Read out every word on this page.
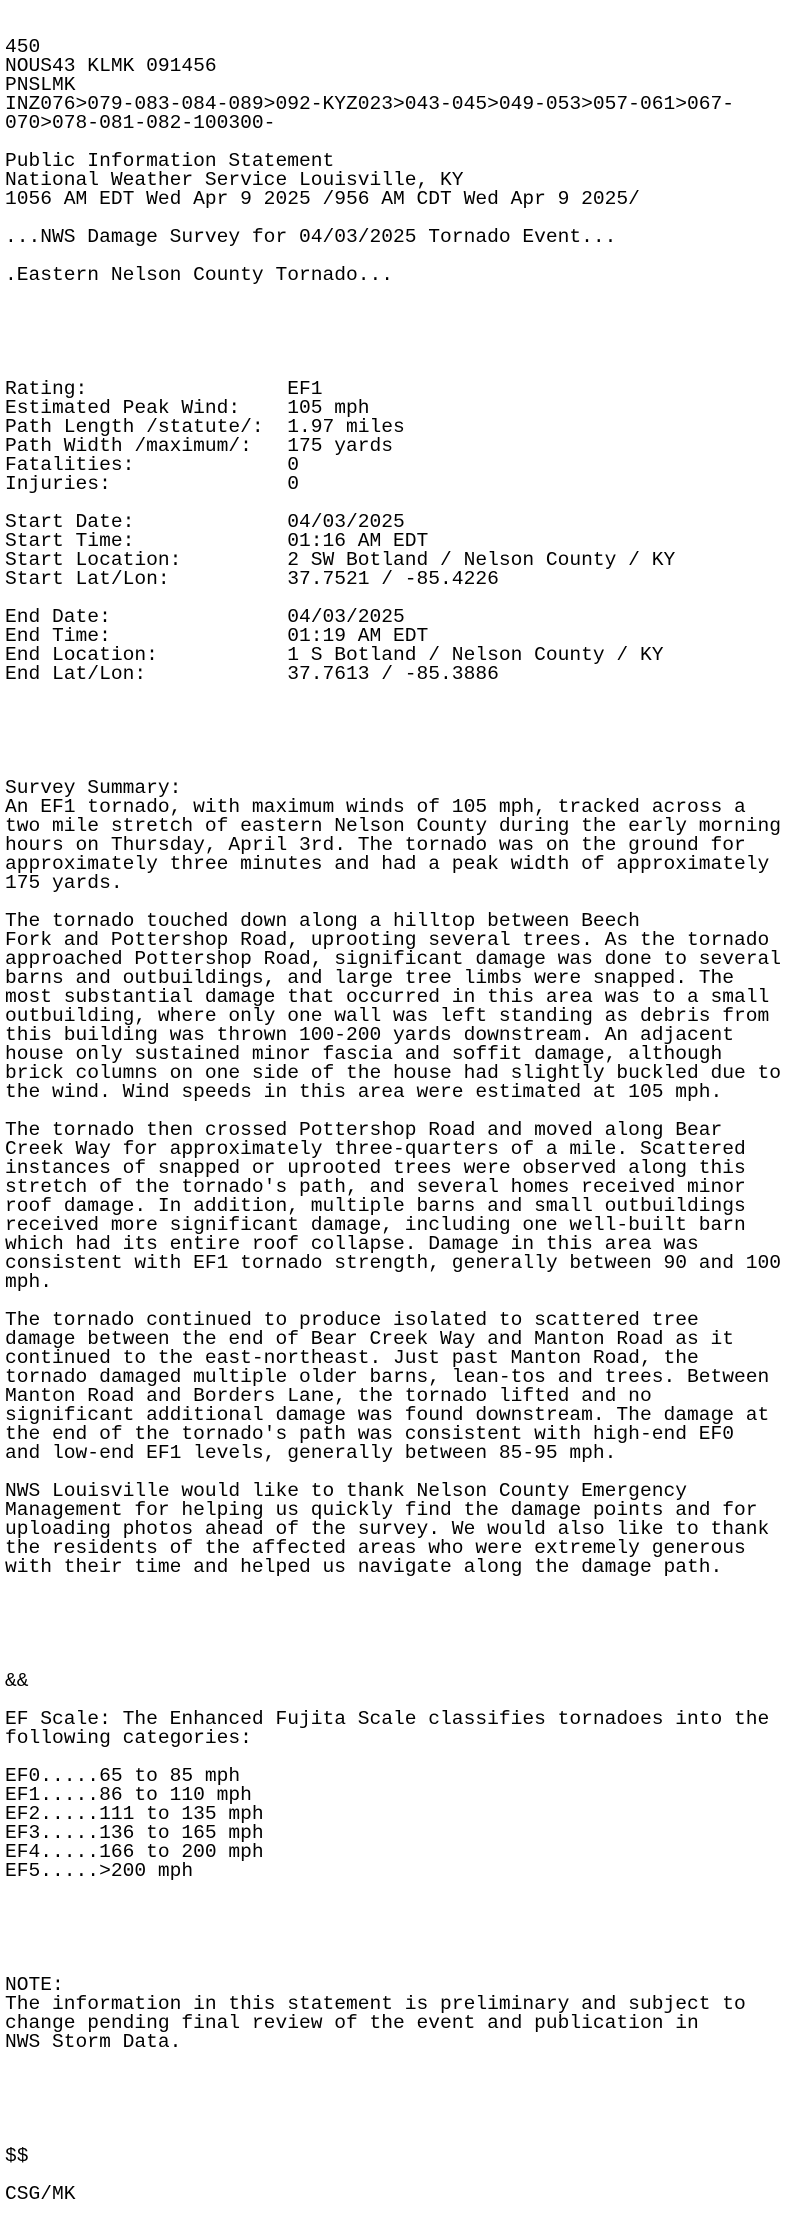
450
NOUS43 KLMK 091456
PNSLMK
INZ076>079-083-084-089>092-KYZ023>043-045>049-053>057-061>067-
070>078-081-082-100300-
Public Information Statement
National Weather Service Louisville, KY
1056 AM EDT Wed Apr 9 2025 /956 AM CDT Wed Apr 9 2025/
...NWS Damage Survey for 04/03/2025 Tornado Event...
.Eastern Nelson County Tornado...

Rating:                 EF1
Estimated Peak Wind:    105 mph
Path Length /statute/:  1.97 miles
Path Width /maximum/:   175 yards
Fatalities:             0
Injuries:               0
Start Date:             04/03/2025
Start Time:             01:16 AM EDT
Start Location:         2 SW Botland / Nelson County / KY
Start Lat/Lon:          37.7521 / -85.4226
End Date:               04/03/2025
End Time:               01:19 AM EDT
End Location:           1 S Botland / Nelson County / KY
End Lat/Lon:            37.7613 / -85.3886

Survey Summary:
An EF1 tornado, with maximum winds of 105 mph, tracked across a
two mile stretch of eastern Nelson County during the early morning
hours on Thursday, April 3rd. The tornado was on the ground for
approximately three minutes and had a peak width of approximately
175 yards.
The tornado touched down along a hilltop between Beech
Fork and Pottershop Road, uprooting several trees. As the tornado
approached Pottershop Road, significant damage was done to several
barns and outbuildings, and large tree limbs were snapped. The
most substantial damage that occurred in this area was to a small
outbuilding, where only one wall was left standing as debris from
this building was thrown 100-200 yards downstream. An adjacent
house only sustained minor fascia and soffit damage, although
brick columns on one side of the house had slightly buckled due to
the wind. Wind speeds in this area were estimated at 105 mph.
The tornado then crossed Pottershop Road and moved along Bear
Creek Way for approximately three-quarters of a mile. Scattered
instances of snapped or uprooted trees were observed along this
stretch of the tornado's path, and several homes received minor
roof damage. In addition, multiple barns and small outbuildings
received more significant damage, including one well-built barn
which had its entire roof collapse. Damage in this area was
consistent with EF1 tornado strength, generally between 90 and 100
mph.
The tornado continued to produce isolated to scattered tree
damage between the end of Bear Creek Way and Manton Road as it
continued to the east-northeast. Just past Manton Road, the
tornado damaged multiple older barns, lean-tos and trees. Between
Manton Road and Borders Lane, the tornado lifted and no
significant additional damage was found downstream. The damage at
the end of the tornado's path was consistent with high-end EF0
and low-end EF1 levels, generally between 85-95 mph.
NWS Louisville would like to thank Nelson County Emergency
Management for helping us quickly find the damage points and for
uploading photos ahead of the survey. We would also like to thank
the residents of the affected areas who were extremely generous
with their time and helped us navigate along the damage path.

&&
EF Scale: The Enhanced Fujita Scale classifies tornadoes into the
following categories:
EF0.....65 to 85 mph
EF1.....86 to 110 mph
EF2.....111 to 135 mph
EF3.....136 to 165 mph
EF4.....166 to 200 mph
EF5.....>200 mph

NOTE:
The information in this statement is preliminary and subject to
change pending final review of the event and publication in
NWS Storm Data.

$$
CSG/MK
